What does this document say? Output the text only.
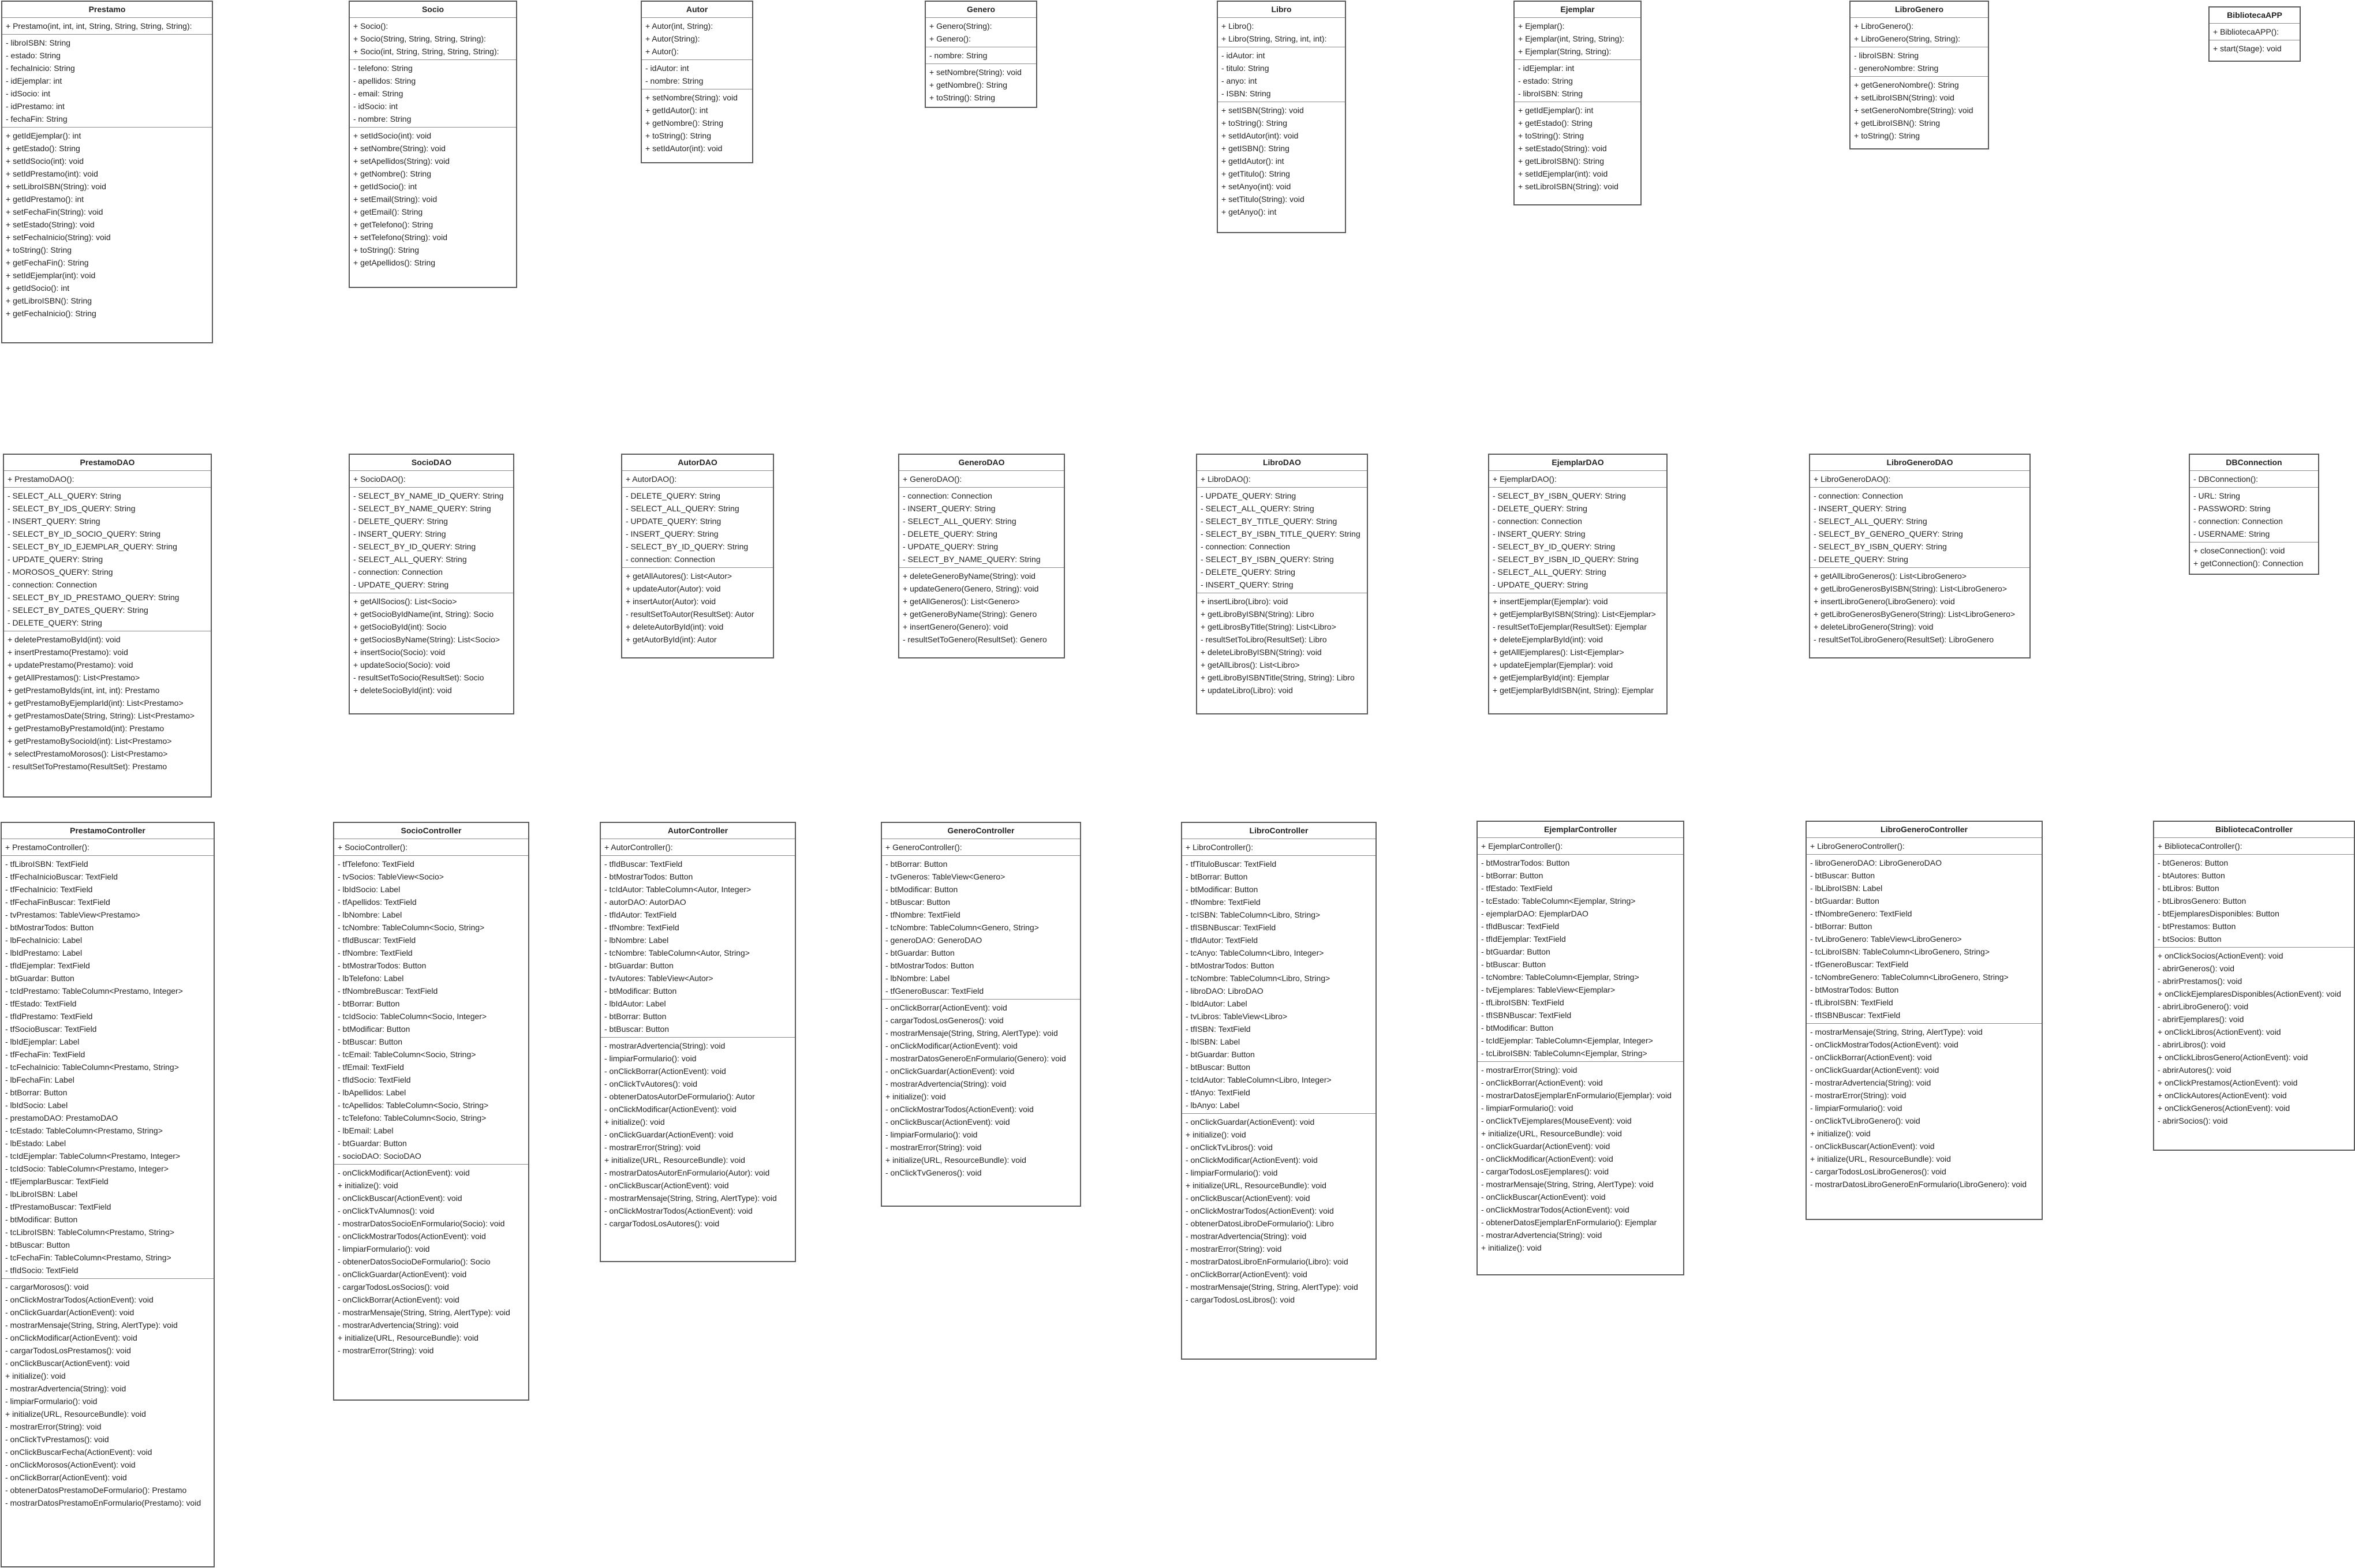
Prestamo
+ Prestamo(int, int, int, String, String, String, String):
- libroISBN: String
- estado: String
- fechaInicio: String
- idEjemplar: int
- idSocio: int
- idPrestamo: int
- fechaFin: String
+ getIdEjemplar(): int
+ getEstado(): String
+ setIdSocio(int): void
+ setIdPrestamo(int): void
+ setLibroISBN(String): void
+ getIdPrestamo(): int
+ setFechaFin(String): void
+ setEstado(String): void
+ setFechaInicio(String): void
+ toString(): String
+ getFechaFin(): String
+ setIdEjemplar(int): void
+ getIdSocio(): int
+ getLibroISBN(): String
+ getFechaInicio(): String
Socio
+ Socio():
+ Socio(String, String, String, String):
+ Socio(int, String, String, String, String):
- telefono: String
- apellidos: String
- email: String
- idSocio: int
- nombre: String
+ setIdSocio(int): void
+ setNombre(String): void
+ setApellidos(String): void
+ getNombre(): String
+ getIdSocio(): int
+ setEmail(String): void
+ getEmail(): String
+ getTelefono(): String
+ setTelefono(String): void
+ toString(): String
+ getApellidos(): String
Autor
+ Autor(int, String):
+ Autor(String):
+ Autor():
- idAutor: int
- nombre: String
+ setNombre(String): void
+ getIdAutor(): int
+ getNombre(): String
+ toString(): String
+ setIdAutor(int): void
Genero
+ Genero(String):
+ Genero():
- nombre: String
+ setNombre(String): void
+ getNombre(): String
+ toString(): String
Libro
+ Libro():
+ Libro(String, String, int, int):
- idAutor: int
- titulo: String
- anyo: int
- ISBN: String
+ setISBN(String): void
+ toString(): String
+ setIdAutor(int): void
+ getISBN(): String
+ getIdAutor(): int
+ getTitulo(): String
+ setAnyo(int): void
+ setTitulo(String): void
+ getAnyo(): int
Ejemplar
+ Ejemplar():
+ Ejemplar(int, String, String):
+ Ejemplar(String, String):
- idEjemplar: int
- estado: String
- libroISBN: String
+ getIdEjemplar(): int
+ getEstado(): String
+ toString(): String
+ setEstado(String): void
+ getLibroISBN(): String
+ setIdEjemplar(int): void
+ setLibroISBN(String): void
LibroGenero
+ LibroGenero():
+ LibroGenero(String, String):
- libroISBN: String
- generoNombre: String
+ getGeneroNombre(): String
+ setLibroISBN(String): void
+ setGeneroNombre(String): void
+ getLibroISBN(): String
+ toString(): String
BibliotecaAPP
+ BibliotecaAPP():
+ start(Stage): void
PrestamoDAO
+ PrestamoDAO():
- SELECT_ALL_QUERY: String
- SELECT_BY_IDS_QUERY: String
- INSERT_QUERY: String
- SELECT_BY_ID_SOCIO_QUERY: String
- SELECT_BY_ID_EJEMPLAR_QUERY: String
- UPDATE_QUERY: String
- MOROSOS_QUERY: String
- connection: Connection
- SELECT_BY_ID_PRESTAMO_QUERY: String
- SELECT_BY_DATES_QUERY: String
- DELETE_QUERY: String
+ deletePrestamoById(int): void
+ insertPrestamo(Prestamo): void
+ updatePrestamo(Prestamo): void
+ getAllPrestamos(): List<Prestamo>
+ getPrestamoByIds(int, int, int): Prestamo
+ getPrestamoByEjemplarId(int): List<Prestamo>
+ getPrestamosDate(String, String): List<Prestamo>
+ getPrestamoByPrestamoId(int): Prestamo
+ getPrestamoBySocioId(int): List<Prestamo>
+ selectPrestamoMorosos(): List<Prestamo>
- resultSetToPrestamo(ResultSet): Prestamo
SocioDAO
+ SocioDAO():
- SELECT_BY_NAME_ID_QUERY: String
- SELECT_BY_NAME_QUERY: String
- DELETE_QUERY: String
- INSERT_QUERY: String
- SELECT_BY_ID_QUERY: String
- SELECT_ALL_QUERY: String
- connection: Connection
- UPDATE_QUERY: String
+ getAllSocios(): List<Socio>
+ getSocioByIdName(int, String): Socio
+ getSocioById(int): Socio
+ getSociosByName(String): List<Socio>
+ insertSocio(Socio): void
+ updateSocio(Socio): void
- resultSetToSocio(ResultSet): Socio
+ deleteSocioById(int): void
AutorDAO
+ AutorDAO():
- DELETE_QUERY: String
- SELECT_ALL_QUERY: String
- UPDATE_QUERY: String
- INSERT_QUERY: String
- SELECT_BY_ID_QUERY: String
- connection: Connection
+ getAllAutores(): List<Autor>
+ updateAutor(Autor): void
+ insertAutor(Autor): void
- resultSetToAutor(ResultSet): Autor
+ deleteAutorById(int): void
+ getAutorById(int): Autor
GeneroDAO
+ GeneroDAO():
- connection: Connection
- INSERT_QUERY: String
- SELECT_ALL_QUERY: String
- DELETE_QUERY: String
- UPDATE_QUERY: String
- SELECT_BY_NAME_QUERY: String
+ deleteGeneroByName(String): void
+ updateGenero(Genero, String): void
+ getAllGeneros(): List<Genero>
+ getGeneroByName(String): Genero
+ insertGenero(Genero): void
- resultSetToGenero(ResultSet): Genero
LibroDAO
+ LibroDAO():
- UPDATE_QUERY: String
- SELECT_ALL_QUERY: String
- SELECT_BY_TITLE_QUERY: String
- SELECT_BY_ISBN_TITLE_QUERY: String
- connection: Connection
- SELECT_BY_ISBN_QUERY: String
- DELETE_QUERY: String
- INSERT_QUERY: String
+ insertLibro(Libro): void
+ getLibroByISBN(String): Libro
+ getLibrosByTitle(String): List<Libro>
- resultSetToLibro(ResultSet): Libro
+ deleteLibroByISBN(String): void
+ getAllLibros(): List<Libro>
+ getLibroByISBNTitle(String, String): Libro
+ updateLibro(Libro): void
EjemplarDAO
+ EjemplarDAO():
- SELECT_BY_ISBN_QUERY: String
- DELETE_QUERY: String
- connection: Connection
- INSERT_QUERY: String
- SELECT_BY_ID_QUERY: String
- SELECT_BY_ISBN_ID_QUERY: String
- SELECT_ALL_QUERY: String
- UPDATE_QUERY: String
+ insertEjemplar(Ejemplar): void
+ getEjemplarByISBN(String): List<Ejemplar>
- resultSetToEjemplar(ResultSet): Ejemplar
+ deleteEjemplarById(int): void
+ getAllEjemplares(): List<Ejemplar>
+ updateEjemplar(Ejemplar): void
+ getEjemplarById(int): Ejemplar
+ getEjemplarByIdISBN(int, String): Ejemplar
LibroGeneroDAO
+ LibroGeneroDAO():
- connection: Connection
- INSERT_QUERY: String
- SELECT_ALL_QUERY: String
- SELECT_BY_GENERO_QUERY: String
- SELECT_BY_ISBN_QUERY: String
- DELETE_QUERY: String
+ getAllLibroGeneros(): List<LibroGenero>
+ getLibroGenerosByISBN(String): List<LibroGenero>
+ insertLibroGenero(LibroGenero): void
+ getLibroGenerosByGenero(String): List<LibroGenero>
+ deleteLibroGenero(String): void
- resultSetToLibroGenero(ResultSet): LibroGenero
DBConnection
- DBConnection():
- URL: String
- PASSWORD: String
- connection: Connection
- USERNAME: String
+ closeConnection(): void
+ getConnection(): Connection
PrestamoController
+ PrestamoController():
- tfLibroISBN: TextField
- tfFechaInicioBuscar: TextField
- tfFechaInicio: TextField
- tfFechaFinBuscar: TextField
- tvPrestamos: TableView<Prestamo>
- btMostrarTodos: Button
- lbFechaInicio: Label
- lbIdPrestamo: Label
- tfIdEjemplar: TextField
- btGuardar: Button
- tcIdPrestamo: TableColumn<Prestamo, Integer>
- tfEstado: TextField
- tfIdPrestamo: TextField
- tfSocioBuscar: TextField
- lbIdEjemplar: Label
- tfFechaFin: TextField
- tcFechaInicio: TableColumn<Prestamo, String>
- lbFechaFin: Label
- btBorrar: Button
- lbIdSocio: Label
- prestamoDAO: PrestamoDAO
- tcEstado: TableColumn<Prestamo, String>
- lbEstado: Label
- tcIdEjemplar: TableColumn<Prestamo, Integer>
- tcIdSocio: TableColumn<Prestamo, Integer>
- tfEjemplarBuscar: TextField
- lbLibroISBN: Label
- tfPrestamoBuscar: TextField
- btModificar: Button
- tcLibroISBN: TableColumn<Prestamo, String>
- btBuscar: Button
- tcFechaFin: TableColumn<Prestamo, String>
- tfIdSocio: TextField
- cargarMorosos(): void
- onClickMostrarTodos(ActionEvent): void
- onClickGuardar(ActionEvent): void
- mostrarMensaje(String, String, AlertType): void
- onClickModificar(ActionEvent): void
- cargarTodosLosPrestamos(): void
- onClickBuscar(ActionEvent): void
+ initialize(): void
- mostrarAdvertencia(String): void
- limpiarFormulario(): void
+ initialize(URL, ResourceBundle): void
- mostrarError(String): void
- onClickTvPrestamos(): void
- onClickBuscarFecha(ActionEvent): void
- onClickMorosos(ActionEvent): void
- onClickBorrar(ActionEvent): void
- obtenerDatosPrestamoDeFormulario(): Prestamo
- mostrarDatosPrestamoEnFormulario(Prestamo): void
SocioController
+ SocioController():
- tfTelefono: TextField
- tvSocios: TableView<Socio>
- lbIdSocio: Label
- tfApellidos: TextField
- lbNombre: Label
- tcNombre: TableColumn<Socio, String>
- tfIdBuscar: TextField
- tfNombre: TextField
- btMostrarTodos: Button
- lbTelefono: Label
- tfNombreBuscar: TextField
- btBorrar: Button
- tcIdSocio: TableColumn<Socio, Integer>
- btModificar: Button
- btBuscar: Button
- tcEmail: TableColumn<Socio, String>
- tfEmail: TextField
- tfIdSocio: TextField
- lbApellidos: Label
- tcApellidos: TableColumn<Socio, String>
- tcTelefono: TableColumn<Socio, String>
- lbEmail: Label
- btGuardar: Button
- socioDAO: SocioDAO
- onClickModificar(ActionEvent): void
+ initialize(): void
- onClickBuscar(ActionEvent): void
- onClickTvAlumnos(): void
- mostrarDatosSocioEnFormulario(Socio): void
- onClickMostrarTodos(ActionEvent): void
- limpiarFormulario(): void
- obtenerDatosSocioDeFormulario(): Socio
- onClickGuardar(ActionEvent): void
- cargarTodosLosSocios(): void
- onClickBorrar(ActionEvent): void
- mostrarMensaje(String, String, AlertType): void
- mostrarAdvertencia(String): void
+ initialize(URL, ResourceBundle): void
- mostrarError(String): void
AutorController
+ AutorController():
- tfIdBuscar: TextField
- btMostrarTodos: Button
- tcIdAutor: TableColumn<Autor, Integer>
- autorDAO: AutorDAO
- tfIdAutor: TextField
- tfNombre: TextField
- lbNombre: Label
- tcNombre: TableColumn<Autor, String>
- btGuardar: Button
- tvAutores: TableView<Autor>
- btModificar: Button
- lbIdAutor: Label
- btBorrar: Button
- btBuscar: Button
- mostrarAdvertencia(String): void
- limpiarFormulario(): void
- onClickBorrar(ActionEvent): void
- onClickTvAutores(): void
- obtenerDatosAutorDeFormulario(): Autor
- onClickModificar(ActionEvent): void
+ initialize(): void
- onClickGuardar(ActionEvent): void
- mostrarError(String): void
+ initialize(URL, ResourceBundle): void
- mostrarDatosAutorEnFormulario(Autor): void
- onClickBuscar(ActionEvent): void
- mostrarMensaje(String, String, AlertType): void
- onClickMostrarTodos(ActionEvent): void
- cargarTodosLosAutores(): void
GeneroController
+ GeneroController():
- btBorrar: Button
- tvGeneros: TableView<Genero>
- btModificar: Button
- btBuscar: Button
- tfNombre: TextField
- tcNombre: TableColumn<Genero, String>
- generoDAO: GeneroDAO
- btGuardar: Button
- btMostrarTodos: Button
- lbNombre: Label
- tfGeneroBuscar: TextField
- onClickBorrar(ActionEvent): void
- cargarTodosLosGeneros(): void
- mostrarMensaje(String, String, AlertType): void
- onClickModificar(ActionEvent): void
- mostrarDatosGeneroEnFormulario(Genero): void
- onClickGuardar(ActionEvent): void
- mostrarAdvertencia(String): void
+ initialize(): void
- onClickMostrarTodos(ActionEvent): void
- onClickBuscar(ActionEvent): void
- limpiarFormulario(): void
- mostrarError(String): void
+ initialize(URL, ResourceBundle): void
- onClickTvGeneros(): void
LibroController
+ LibroController():
- tfTituloBuscar: TextField
- btBorrar: Button
- btModificar: Button
- tfNombre: TextField
- tcISBN: TableColumn<Libro, String>
- tfISBNBuscar: TextField
- tfIdAutor: TextField
- tcAnyo: TableColumn<Libro, Integer>
- btMostrarTodos: Button
- tcNombre: TableColumn<Libro, String>
- libroDAO: LibroDAO
- lbIdAutor: Label
- tvLibros: TableView<Libro>
- tfISBN: TextField
- lbISBN: Label
- btGuardar: Button
- btBuscar: Button
- tcIdAutor: TableColumn<Libro, Integer>
- tfAnyo: TextField
- lbAnyo: Label
- onClickGuardar(ActionEvent): void
+ initialize(): void
- onClickTvLibros(): void
- onClickModificar(ActionEvent): void
- limpiarFormulario(): void
+ initialize(URL, ResourceBundle): void
- onClickBuscar(ActionEvent): void
- onClickMostrarTodos(ActionEvent): void
- obtenerDatosLibroDeFormulario(): Libro
- mostrarAdvertencia(String): void
- mostrarError(String): void
- mostrarDatosLibroEnFormulario(Libro): void
- onClickBorrar(ActionEvent): void
- mostrarMensaje(String, String, AlertType): void
- cargarTodosLosLibros(): void
EjemplarController
+ EjemplarController():
- btMostrarTodos: Button
- btBorrar: Button
- tfEstado: TextField
- tcEstado: TableColumn<Ejemplar, String>
- ejemplarDAO: EjemplarDAO
- tfIdBuscar: TextField
- tfIdEjemplar: TextField
- btGuardar: Button
- btBuscar: Button
- tcNombre: TableColumn<Ejemplar, String>
- tvEjemplares: TableView<Ejemplar>
- tfLibroISBN: TextField
- tfISBNBuscar: TextField
- btModificar: Button
- tcIdEjemplar: TableColumn<Ejemplar, Integer>
- tcLibroISBN: TableColumn<Ejemplar, String>
- mostrarError(String): void
- onClickBorrar(ActionEvent): void
- mostrarDatosEjemplarEnFormulario(Ejemplar): void
- limpiarFormulario(): void
- onClickTvEjemplares(MouseEvent): void
+ initialize(URL, ResourceBundle): void
- onClickGuardar(ActionEvent): void
- onClickModificar(ActionEvent): void
- cargarTodosLosEjemplares(): void
- mostrarMensaje(String, String, AlertType): void
- onClickBuscar(ActionEvent): void
- onClickMostrarTodos(ActionEvent): void
- obtenerDatosEjemplarEnFormulario(): Ejemplar
- mostrarAdvertencia(String): void
+ initialize(): void
LibroGeneroController
+ LibroGeneroController():
- libroGeneroDAO: LibroGeneroDAO
- btBuscar: Button
- lbLibroISBN: Label
- btGuardar: Button
- tfNombreGenero: TextField
- btBorrar: Button
- tvLibroGenero: TableView<LibroGenero>
- tcLibroISBN: TableColumn<LibroGenero, String>
- tfGeneroBuscar: TextField
- tcNombreGenero: TableColumn<LibroGenero, String>
- btMostrarTodos: Button
- tfLibroISBN: TextField
- tfISBNBuscar: TextField
- mostrarMensaje(String, String, AlertType): void
- onClickMostrarTodos(ActionEvent): void
- onClickBorrar(ActionEvent): void
- onClickGuardar(ActionEvent): void
- mostrarAdvertencia(String): void
- mostrarError(String): void
- limpiarFormulario(): void
- onClickTvLibroGenero(): void
+ initialize(): void
- onClickBuscar(ActionEvent): void
+ initialize(URL, ResourceBundle): void
- cargarTodosLosLibroGeneros(): void
- mostrarDatosLibroGeneroEnFormulario(LibroGenero): void
BibliotecaController
+ BibliotecaController():
- btGeneros: Button
- btAutores: Button
- btLibros: Button
- btLibrosGenero: Button
- btEjemplaresDisponibles: Button
- btPrestamos: Button
- btSocios: Button
+ onClickSocios(ActionEvent): void
- abrirGeneros(): void
- abrirPrestamos(): void
+ onClickEjemplaresDisponibles(ActionEvent): void
- abrirLibroGenero(): void
- abrirEjemplares(): void
+ onClickLibros(ActionEvent): void
- abrirLibros(): void
+ onClickLibrosGenero(ActionEvent): void
- abrirAutores(): void
+ onClickPrestamos(ActionEvent): void
+ onClickAutores(ActionEvent): void
+ onClickGeneros(ActionEvent): void
- abrirSocios(): void
